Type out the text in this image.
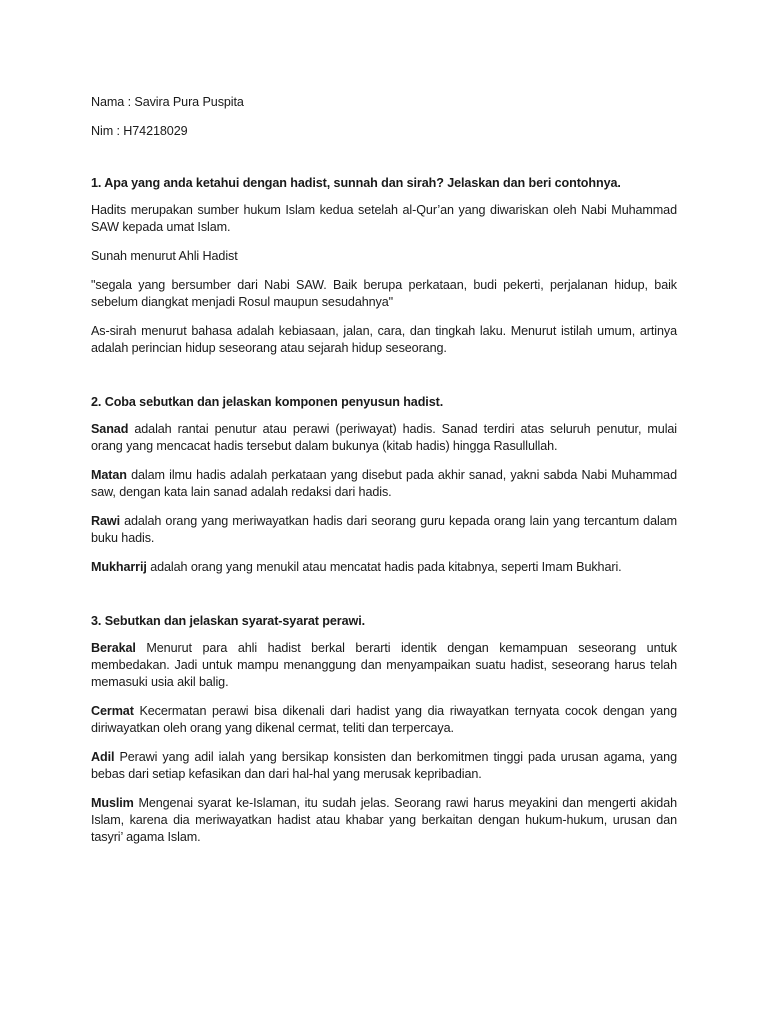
Nama : Savira Pura Puspita

Nim : H74218029

1. Apa yang anda ketahui dengan hadist, sunnah dan sirah? Jelaskan dan beri contohnya.

Hadits merupakan sumber hukum Islam kedua setelah al-Qur’an yang diwariskan oleh Nabi Muhammad SAW kepada umat Islam.

Sunah menurut Ahli Hadist

"segala yang bersumber dari Nabi SAW. Baik berupa perkataan, budi pekerti, perjalanan hidup, baik sebelum diangkat menjadi Rosul maupun sesudahnya"

As-sirah menurut bahasa adalah kebiasaan, jalan, cara, dan tingkah laku. Menurut istilah umum, artinya adalah perincian hidup seseorang atau sejarah hidup seseorang.

2. Coba sebutkan dan jelaskan komponen penyusun hadist.

Sanad adalah rantai penutur atau perawi (periwayat) hadis. Sanad terdiri atas seluruh penutur, mulai orang yang mencacat hadis tersebut dalam bukunya (kitab hadis) hingga Rasullullah.

Matan dalam ilmu hadis adalah perkataan yang disebut pada akhir sanad, yakni sabda Nabi Muhammad saw, dengan kata lain sanad adalah redaksi dari hadis.

Rawi adalah orang yang meriwayatkan hadis dari seorang guru kepada orang lain yang tercantum dalam buku hadis.

Mukharrij adalah orang yang menukil atau mencatat hadis pada kitabnya, seperti Imam Bukhari.

3. Sebutkan dan jelaskan syarat-syarat perawi.

Berakal Menurut para ahli hadist berkal berarti identik dengan kemampuan seseorang untuk membedakan. Jadi untuk mampu menanggung dan menyampaikan suatu hadist, seseorang harus telah memasuki usia akil balig.

Cermat Kecermatan perawi bisa dikenali dari hadist yang dia riwayatkan ternyata cocok dengan yang diriwayatkan oleh orang yang dikenal cermat, teliti dan terpercaya.

Adil Perawi yang adil ialah yang bersikap konsisten dan berkomitmen tinggi pada urusan agama, yang bebas dari setiap kefasikan dan dari hal-hal yang merusak kepribadian.

Muslim Mengenai syarat ke-Islaman, itu sudah jelas. Seorang rawi harus meyakini dan mengerti akidah Islam, karena dia meriwayatkan hadist atau khabar yang berkaitan dengan hukum-hukum, urusan dan tasyri’ agama Islam.
